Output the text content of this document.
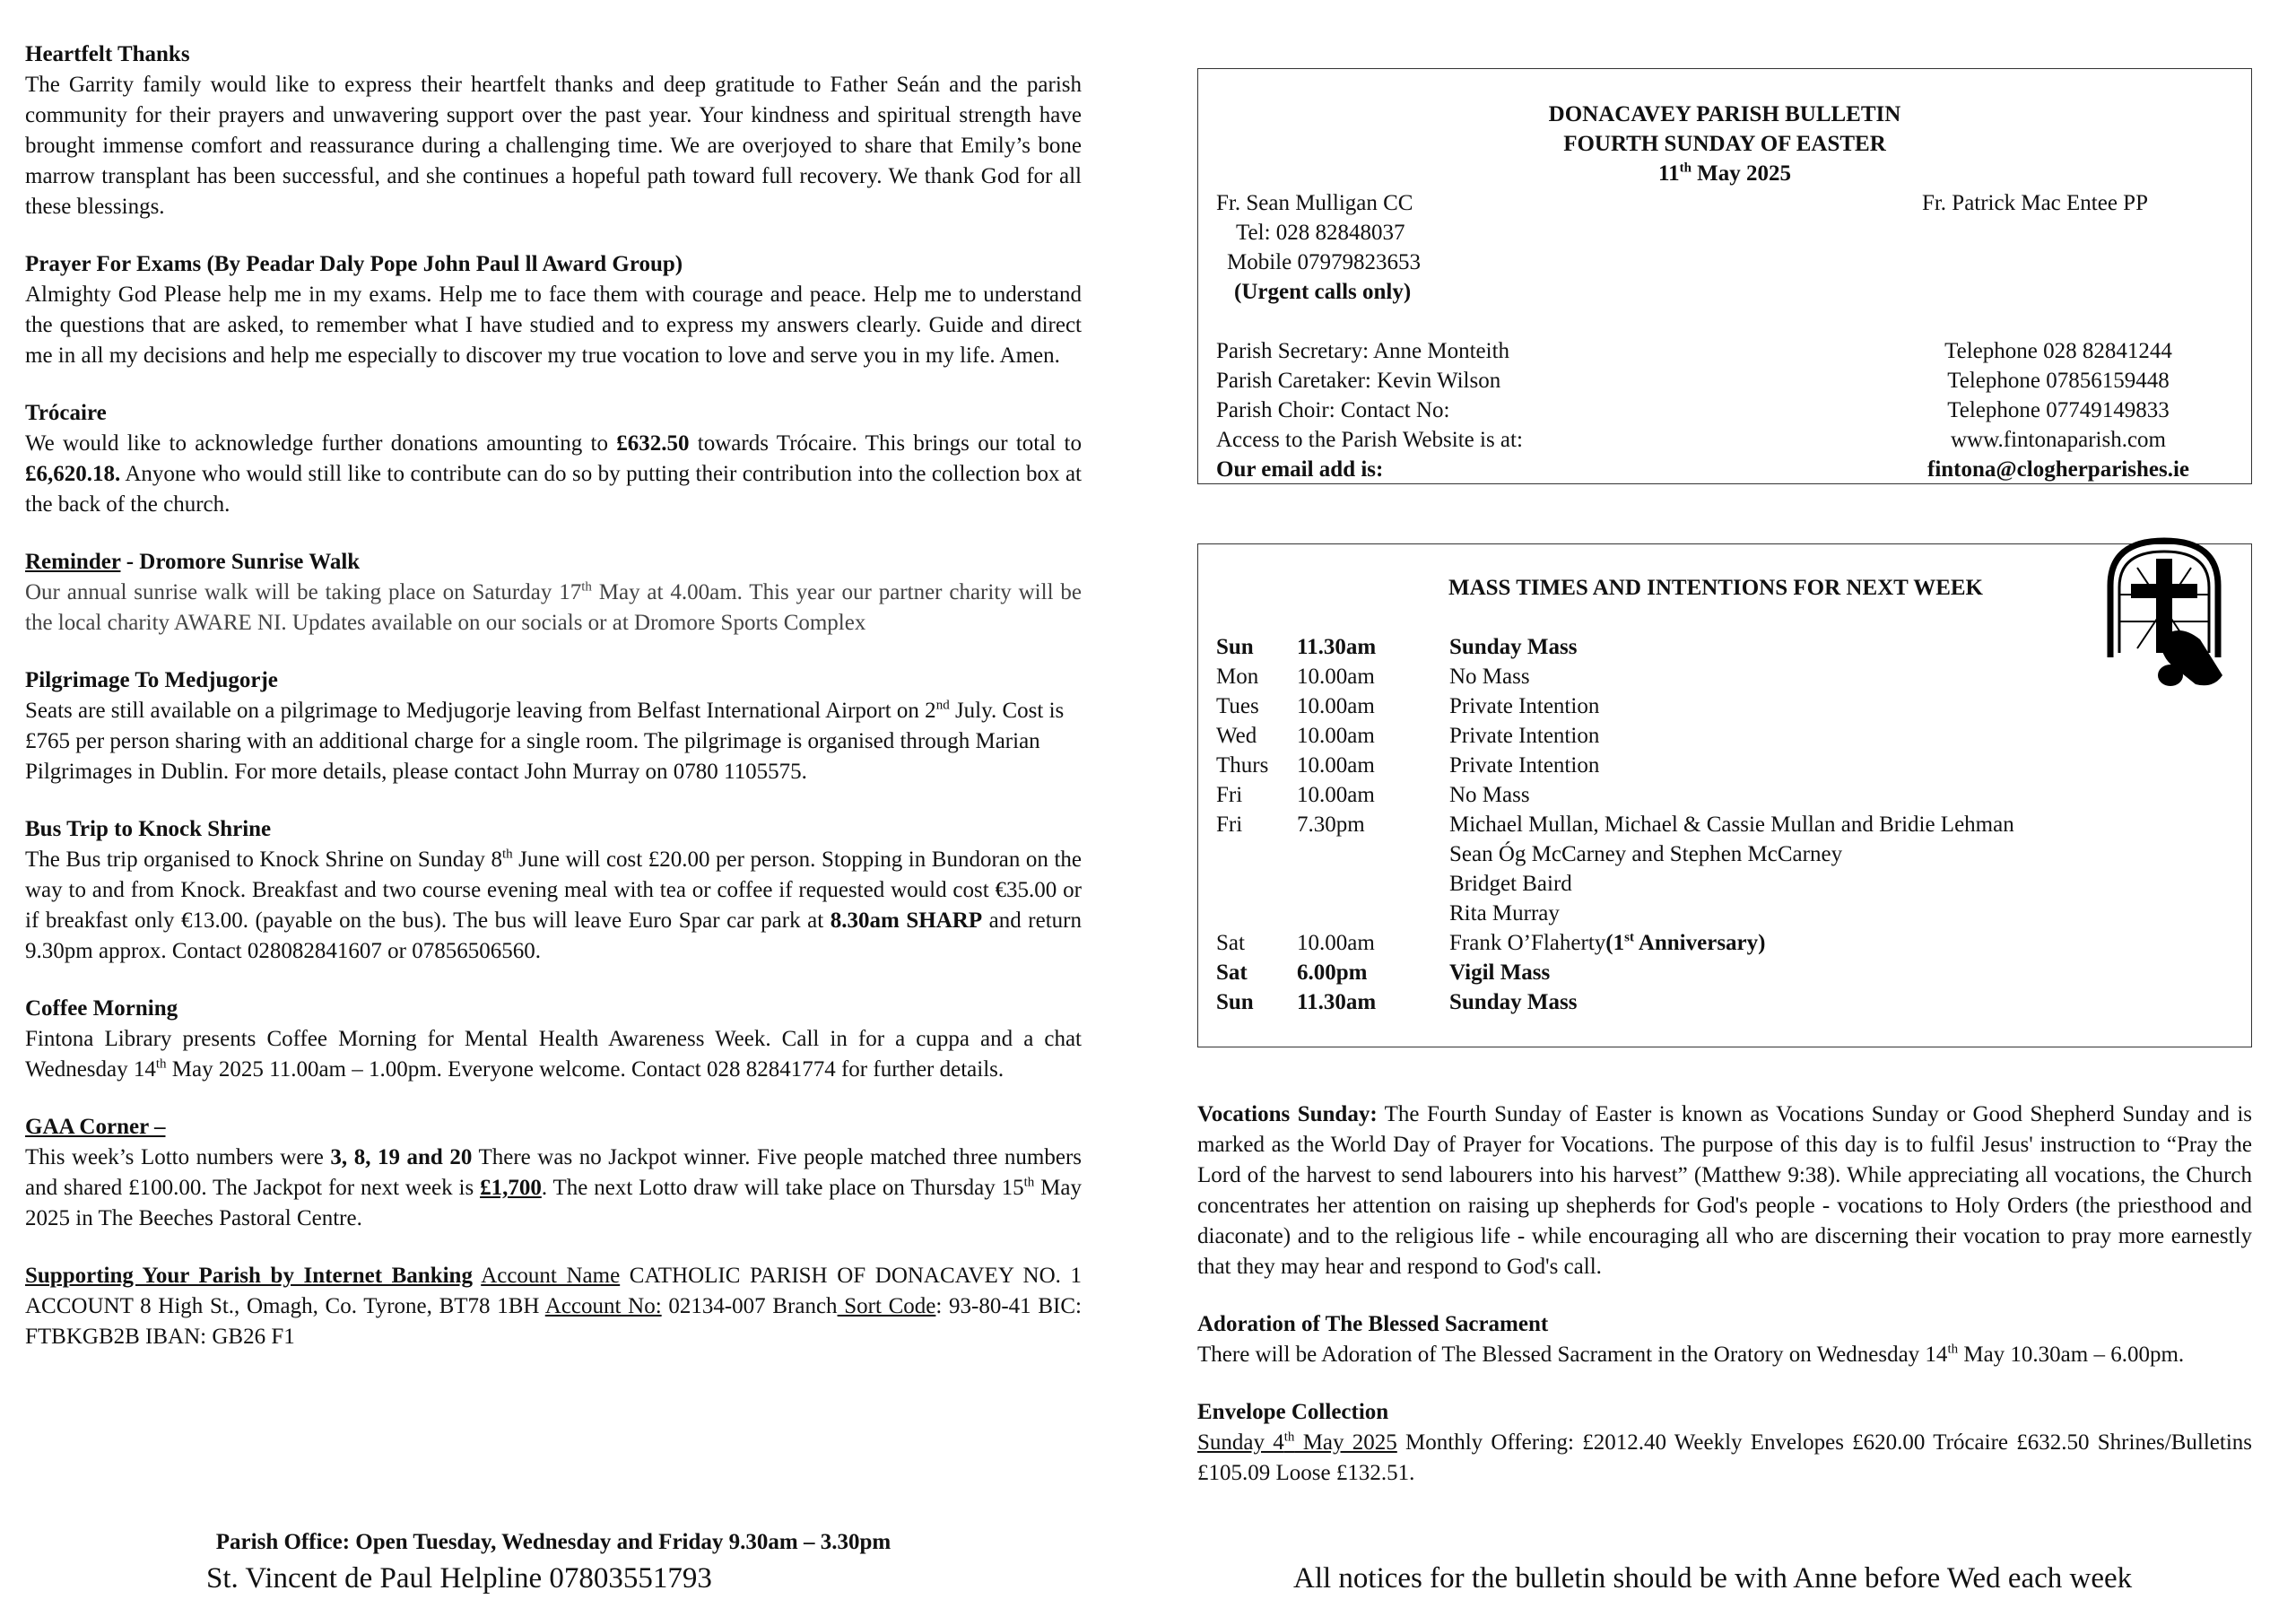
Heartfelt Thanks

The Garrity family would like to express their heartfelt thanks and deep gratitude to Father Seán and the parish community for their prayers and unwavering support over the past year. Your kindness and spiritual strength have brought immense comfort and reassurance during a challenging time. We are overjoyed to share that Emily’s bone marrow transplant has been successful, and she continues a hopeful path toward full recovery. We thank God for all these blessings.

Prayer For Exams (By Peadar Daly Pope John Paul ll Award Group)

Almighty God Please help me in my exams. Help me to face them with courage and peace. Help me to understand the questions that are asked, to remember what I have studied and to express my answers clearly. Guide and direct me in all my decisions and help me especially to discover my true vocation to love and serve you in my life. Amen.

Trócaire

We would like to acknowledge further donations amounting to £632.50 towards Trócaire. This brings our total to £6,620.18. Anyone who would still like to contribute can do so by putting their contribution into the collection box at the back of the church.

Reminder - Dromore Sunrise Walk

Our annual sunrise walk will be taking place on Saturday 17th May at 4.00am. This year our partner charity will be the local charity AWARE NI. Updates available on our socials or at Dromore Sports Complex

Pilgrimage To Medjugorje

Seats are still available on a pilgrimage to Medjugorje leaving from Belfast International Airport on 2nd July. Cost is £765 per person sharing with an additional charge for a single room. The pilgrimage is organised through Marian Pilgrimages in Dublin. For more details, please contact John Murray on 0780 1105575.

Bus Trip to Knock Shrine

The Bus trip organised to Knock Shrine on Sunday 8th June will cost £20.00 per person. Stopping in Bundoran on the way to and from Knock. Breakfast and two course evening meal with tea or coffee if requested would cost €35.00 or if breakfast only €13.00. (payable on the bus). The bus will leave Euro Spar car park at 8.30am SHARP and return 9.30pm approx. Contact 028082841607 or 07856506560.

Coffee Morning

Fintona Library presents Coffee Morning for Mental Health Awareness Week. Call in for a cuppa and a chat Wednesday 14th May 2025 11.00am – 1.00pm. Everyone welcome. Contact 028 82841774 for further details.

GAA Corner –

This week’s Lotto numbers were 3, 8, 19 and 20 There was no Jackpot winner. Five people matched three numbers and shared £100.00. The Jackpot for next week is £1,700. The next Lotto draw will take place on Thursday 15th May 2025 in The Beeches Pastoral Centre.

Supporting Your Parish by Internet Banking Account Name CATHOLIC PARISH OF DONACAVEY NO. 1 ACCOUNT 8 High St., Omagh, Co. Tyrone, BT78 1BH Account No: 02134-007 Branch Sort Code: 93-80-41 BIC: FTBKGB2B IBAN: GB26 F1

Parish Office: Open Tuesday, Wednesday and Friday 9.30am – 3.30pm

St. Vincent de Paul Helpline 07803551793

DONACAVEY PARISH BULLETIN

FOURTH SUNDAY OF EASTER

11th May 2025

Fr. Sean Mulligan CC	Fr. Patrick Mac Entee PP
Tel: 028 82848037
Mobile 07979823653
(Urgent calls only)
Parish Secretary: Anne Monteith	Telephone 028 82841244
Parish Caretaker: Kevin Wilson	Telephone 07856159448
Parish Choir: Contact No:	Telephone 07749149833
Access to the Parish Website is at:	www.fintonaparish.com
Our email add is:	fintona@clogherparishes.ie

MASS TIMES AND INTENTIONS FOR NEXT WEEK

Sun	11.30am	Sunday Mass
Mon	10.00am	No Mass
Tues	10.00am	Private Intention
Wed	10.00am	Private Intention
Thurs	10.00am	Private Intention
Fri	10.00am	No Mass
Fri	7.30pm	Michael Mullan, Michael & Cassie Mullan and Bridie Lehman
Sean Óg McCarney and Stephen McCarney
Bridget Baird
Rita Murray
Sat	10.00am	Frank O’Flaherty (1st Anniversary)
Sat	6.00pm	Vigil Mass
Sun	11.30am	Sunday Mass

Vocations Sunday: The Fourth Sunday of Easter is known as Vocations Sunday or Good Shepherd Sunday and is marked as the World Day of Prayer for Vocations. The purpose of this day is to fulfil Jesus' instruction to “Pray the Lord of the harvest to send labourers into his harvest” (Matthew 9:38). While appreciating all vocations, the Church concentrates her attention on raising up shepherds for God's people - vocations to Holy Orders (the priesthood and diaconate) and to the religious life - while encouraging all who are discerning their vocation to pray more earnestly that they may hear and respond to God's call.

Adoration of The Blessed Sacrament

There will be Adoration of The Blessed Sacrament in the Oratory on Wednesday 14th May 10.30am – 6.00pm.

Envelope Collection

Sunday 4th May 2025 Monthly Offering: £2012.40 Weekly Envelopes £620.00 Trócaire £632.50 Shrines/Bulletins £105.09 Loose £132.51.

All notices for the bulletin should be with Anne before Wed each week
